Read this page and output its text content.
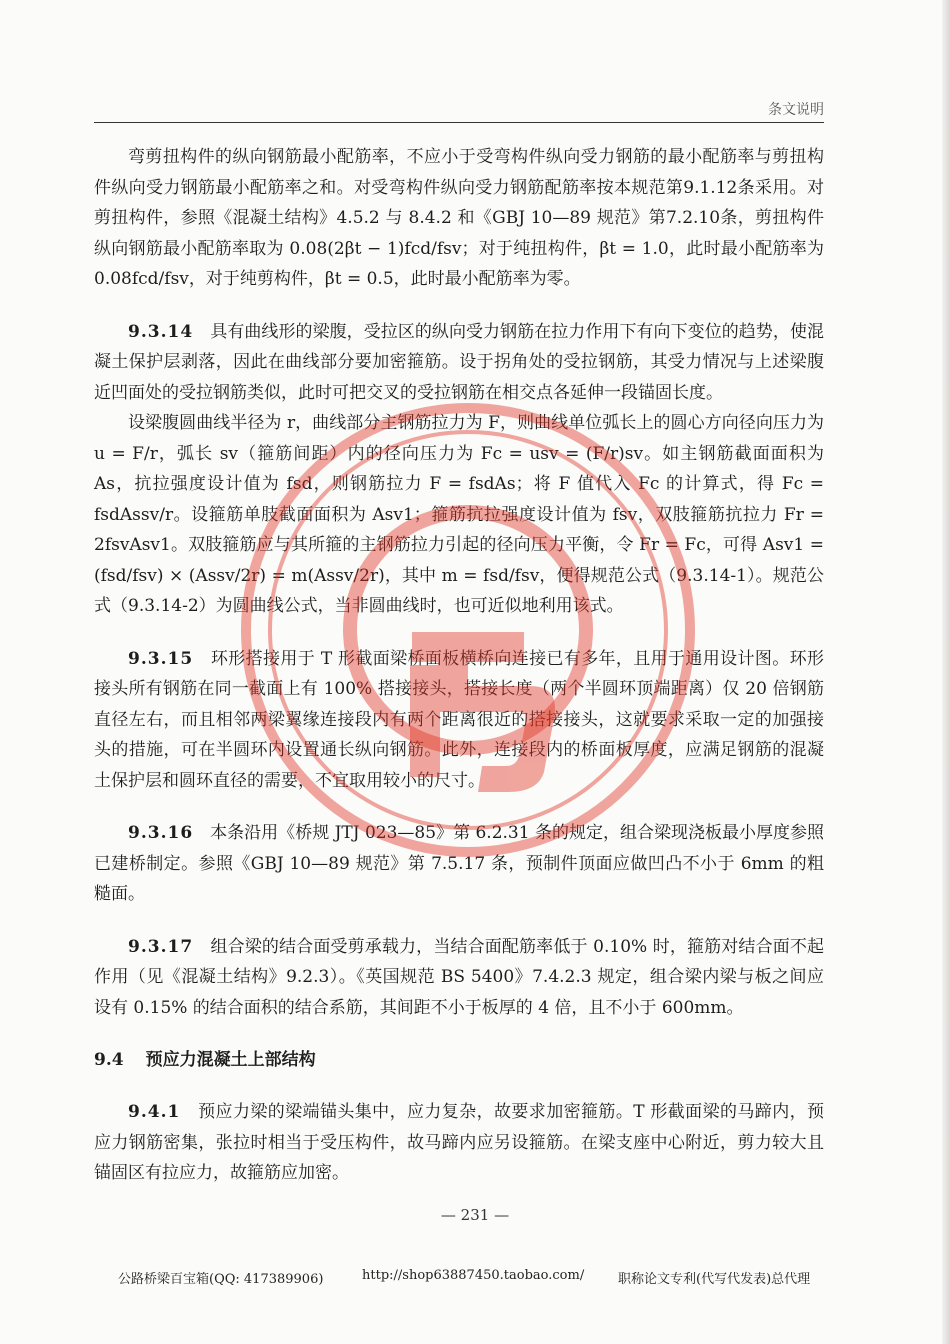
条文说明

弯剪扭构件的纵向钢筋最小配筋率，不应小于受弯构件纵向受力钢筋的最小配筋率与剪扭构件纵向受力钢筋最小配筋率之和。对受弯构件纵向受力钢筋配筋率按本规范第9.1.12条采用。对剪扭构件，参照《混凝土结构》4.5.2 与 8.4.2 和《GBJ 10—89 规范》第7.2.10条，剪扭构件纵向钢筋最小配筋率取为 0.08(2βt − 1)fcd/fsv；对于纯扭构件，βt = 1.0，此时最小配筋率为 0.08fcd/fsv，对于纯剪构件，βt = 0.5，此时最小配筋率为零。

9.3.14　 具有曲线形的梁腹，受拉区的纵向受力钢筋在拉力作用下有向下变位的趋势，使混凝土保护层剥落，因此在曲线部分要加密箍筋。设于拐角处的受拉钢筋，其受力情况与上述梁腹近凹面处的受拉钢筋类似，此时可把交叉的受拉钢筋在相交点各延伸一段锚固长度。

设梁腹圆曲线半径为 r，曲线部分主钢筋拉力为 F，则曲线单位弧长上的圆心方向径向压力为 u = F/r，弧长 sv（箍筋间距）内的径向压力为 Fc = usv = (F/r)sv。如主钢筋截面面积为 As，抗拉强度设计值为 fsd，则钢筋拉力 F = fsdAs；将 F 值代入 Fc 的计算式，得 Fc = fsdAssv/r。设箍筋单肢截面面积为 Asv1；箍筋抗拉强度设计值为 fsv，双肢箍筋抗拉力 Fr = 2fsvAsv1。双肢箍筋应与其所箍的主钢筋拉力引起的径向压力平衡，令 Fr = Fc，可得 Asv1 = (fsd/fsv) × (Assv/2r) = m(Assv/2r)，其中 m = fsd/fsv，便得规范公式（9.3.14-1）。规范公式（9.3.14-2）为圆曲线公式，当非圆曲线时，也可近似地利用该式。

9.3.15　 环形搭接用于 T 形截面梁桥面板横桥向连接已有多年，且用于通用设计图。环形接头所有钢筋在同一截面上有 100% 搭接接头，搭接长度（两个半圆环顶端距离）仅 20 倍钢筋直径左右，而且相邻两梁翼缘连接段内有两个距离很近的搭接接头，这就要求采取一定的加强接头的措施，可在半圆环内设置通长纵向钢筋。此外，连接段内的桥面板厚度，应满足钢筋的混凝土保护层和圆环直径的需要，不宜取用较小的尺寸。

9.3.16　 本条沿用《桥规 JTJ 023—85》第 6.2.31 条的规定，组合梁现浇板最小厚度参照已建桥制定。参照《GBJ 10—89 规范》第 7.5.17 条，预制件顶面应做凹凸不小于 6mm 的粗糙面。

9.3.17　 组合梁的结合面受剪承载力，当结合面配筋率低于 0.10% 时，箍筋对结合面不起作用（见《混凝土结构》9.2.3）。《英国规范 BS 5400》7.4.2.3 规定，组合梁内梁与板之间应设有 0.15% 的结合面积的结合系筋，其间距不小于板厚的 4 倍，且不小于 600mm。

9.4 预应力混凝土上部结构

9.4.1　 预应力梁的梁端锚头集中，应力复杂，故要求加密箍筋。T 形截面梁的马蹄内，预应力钢筋密集，张拉时相当于受压构件，故马蹄内应另设箍筋。在梁支座中心附近，剪力较大且锚固区有拉应力，故箍筋应加密。

— 231 —
公路桥梁百宝箱(QQ: 417389906)	http://shop63887450.taobao.com/	职称论文专利(代写代发表)总代理
